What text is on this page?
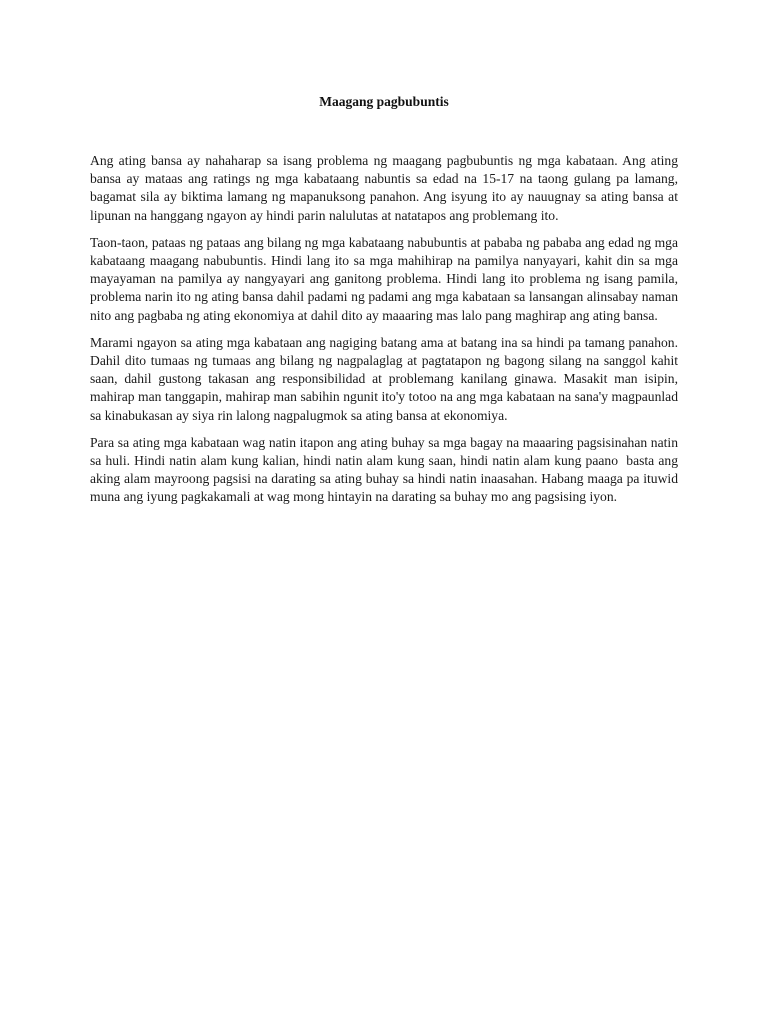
Maagang pagbubuntis

Ang ating bansa ay nahaharap sa isang problema ng maagang pagbubuntis ng mga kabataan. Ang ating bansa ay mataas ang ratings ng mga kabataang nabuntis sa edad na 15-17 na taong gulang pa lamang, bagamat sila ay biktima lamang ng mapanuksong panahon. Ang isyung ito ay nauugnay sa ating bansa at lipunan na hanggang ngayon ay hindi parin nalulutas at natatapos ang problemang ito.

Taon-taon, pataas ng pataas ang bilang ng mga kabataang nabubuntis at pababa ng pababa ang edad ng mga kabataang maagang nabubuntis. Hindi lang ito sa mga mahihirap na pamilya nanyayari, kahit din sa mga mayayaman na pamilya ay nangyayari ang ganitong problema. Hindi lang ito problema ng isang pamila, problema narin ito ng ating bansa dahil padami ng padami ang mga kabataan sa lansangan alinsabay naman nito ang pagbaba ng ating ekonomiya at dahil dito ay maaaring mas lalo pang maghirap ang ating bansa.

Marami ngayon sa ating mga kabataan ang nagiging batang ama at batang ina sa hindi pa tamang panahon. Dahil dito tumaas ng tumaas ang bilang ng nagpalaglag at pagtatapon ng bagong silang na sanggol kahit saan, dahil gustong takasan ang responsibilidad at problemang kanilang ginawa. Masakit man isipin, mahirap man tanggapin, mahirap man sabihin ngunit ito'y totoo na ang mga kabataan na sana'y magpaunlad sa kinabukasan ay siya rin lalong nagpalugmok sa ating bansa at ekonomiya.

Para sa ating mga kabataan wag natin itapon ang ating buhay sa mga bagay na maaaring pagsisinahan natin sa huli. Hindi natin alam kung kalian, hindi natin alam kung saan, hindi natin alam kung paano  basta ang aking alam mayroong pagsisi na darating sa ating buhay sa hindi natin inaasahan. Habang maaga pa ituwid muna ang iyung pagkakamali at wag mong hintayin na darating sa buhay mo ang pagsising iyon.
